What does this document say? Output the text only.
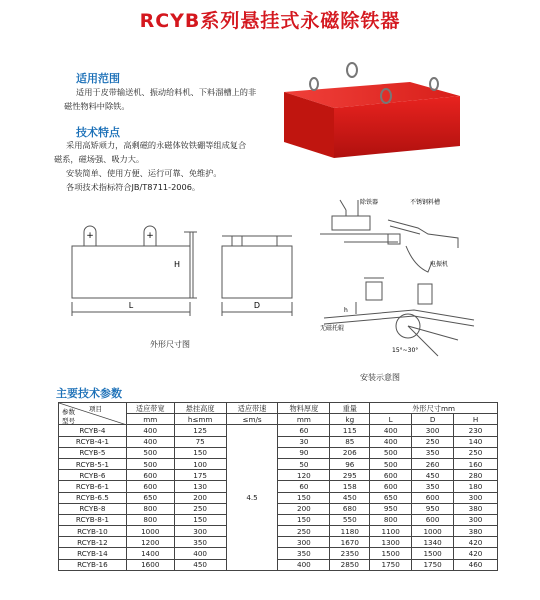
RCYB系列悬挂式永磁除铁器
适用范围
适用于皮带输送机、振动给料机、下料溜槽上的非
磁性物料中除铁。
技术特点
采用高矫顽力，高剩磁的永磁体钕铁硼等组成复合
磁系，磁场强、吸力大。
安装简单、使用方便、运行可靠、免维护。
各项技术指标符合JB/T8711-2006。
+	+
H
L	D
外形尺寸图
除铁器	不锈钢料槽
电振机
h
无磁托辊
15°~30°
安装示意图
主要技术参数
项目
参数
型号	适应带宽	悬挂高度	适应带速	物料厚度	重量	外形尺寸mm		
	mm	h≤mm	≤m/s	mm	kg	L	D	H
RCYB-4	400	125	4.5	60	115	400	300	230
RCYB-4-1	400	75		30	85	400	250	140
RCYB-5	500	150		90	206	500	350	250
RCYB-5-1	500	100		50	96	500	260	160
RCYB-6	600	175		120	295	600	450	280
RCYB-6-1	600	130		60	158	600	350	180
RCYB-6.5	650	200		150	450	650	600	300
RCYB-8	800	250		200	680	950	950	380
RCYB-8-1	800	150		150	550	800	600	300
RCYB-10	1000	300		250	1180	1100	1000	380
RCYB-12	1200	350		300	1670	1300	1340	420
RCYB-14	1400	400		350	2350	1500	1500	420
RCYB-16	1600	450		400	2850	1750	1750	460
